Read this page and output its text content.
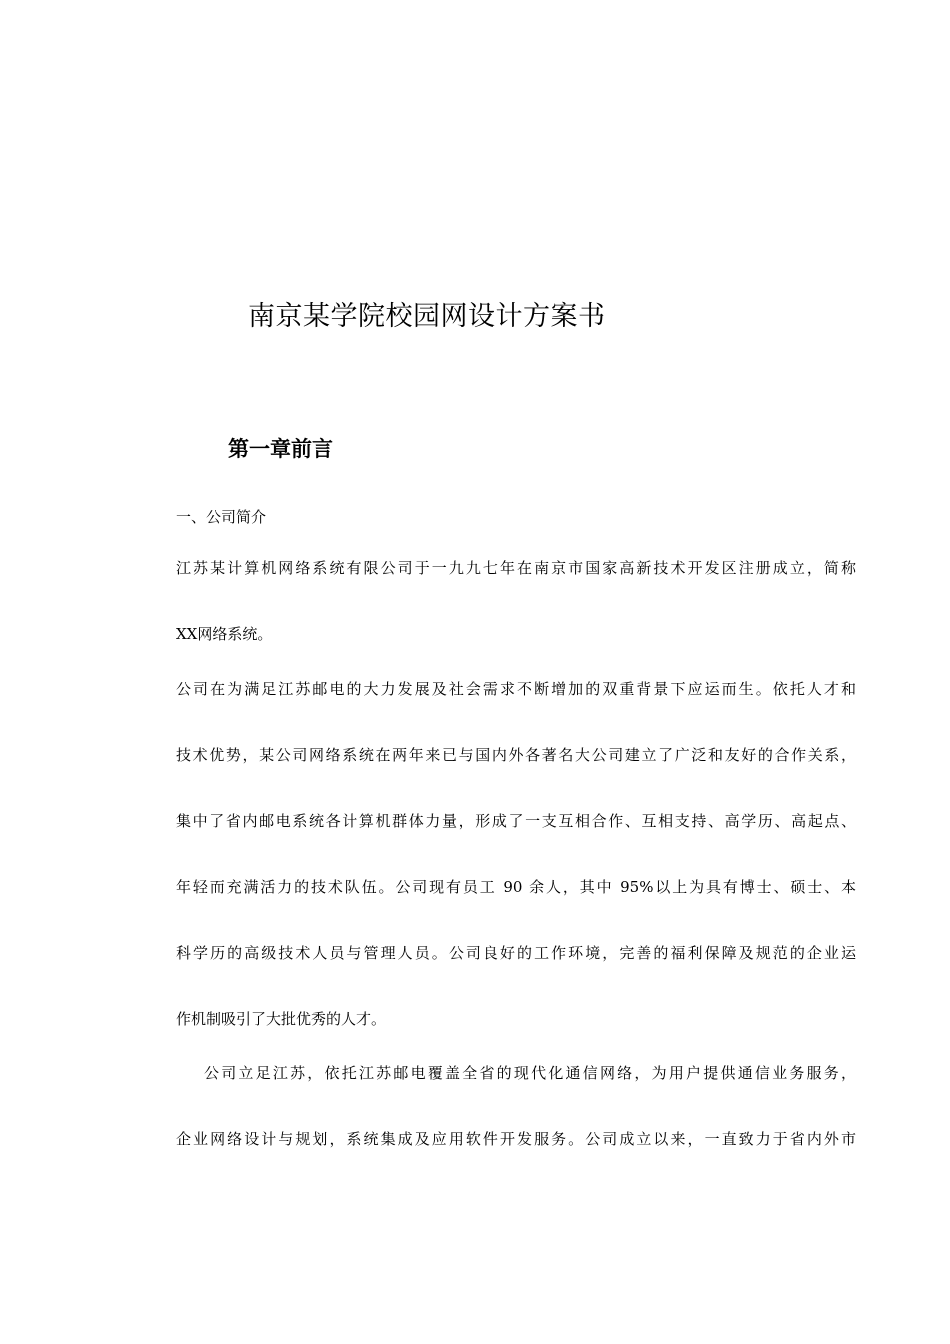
南京某学院校园网设计方案书
第一章前言
一、公司简介

江苏某计算机网络系统有限公司于一九九七年在南京市国家高新技术开发区注册成立，简称

XX网络系统。

公司在为满足江苏邮电的大力发展及社会需求不断增加的双重背景下应运而生。依托人才和

技术优势，某公司网络系统在两年来已与国内外各著名大公司建立了广泛和友好的合作关系，

集中了省内邮电系统各计算机群体力量，形成了一支互相合作、互相支持、高学历、高起点、

年轻而充满活力的技术队伍。公司现有员工 90 余人，其中 95%以上为具有博士、硕士、本

科学历的高级技术人员与管理人员。公司良好的工作环境，完善的福利保障及规范的企业运

作机制吸引了大批优秀的人才。

公司立足江苏，依托江苏邮电覆盖全省的现代化通信网络，为用户提供通信业务服务，

企业网络设计与规划，系统集成及应用软件开发服务。公司成立以来，一直致力于省内外市
